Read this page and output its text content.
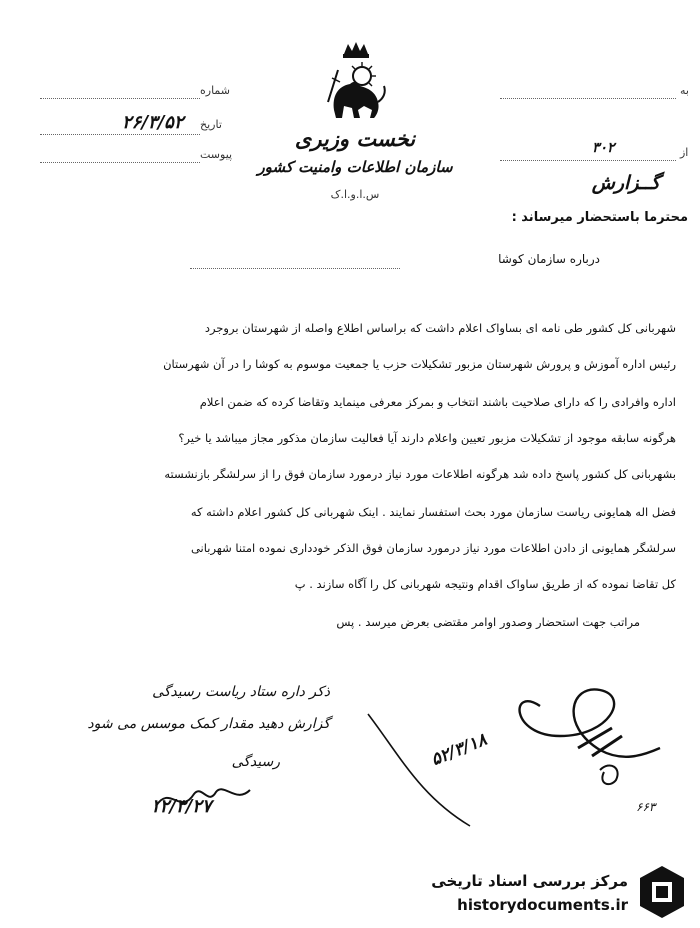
شماره
تاریخ
۲۶/۳/۵۲
پیوست
به
از
۳۰۲
نخست وزیری
سازمان اطلاعات وامنیت کشور
س.ا.و.ا.ک
گــزارش
محترما باستحضار میرساند :
درباره سازمان کوشا
شهربانی کل کشور طی نامه ای بساواک اعلام داشت که براساس اطلاع واصله از شهرستان بروجرد
رئیس اداره آموزش و پرورش شهرستان مزبور تشکیلات حزب یا جمعیت موسوم به کوشا را در آن شهرستان
اداره وافرادی را که دارای صلاحیت باشند انتخاب و بمرکز معرفی مینماید وتقاضا کرده که ضمن اعلام
هرگونه سابقه موجود از تشکیلات مزبور تعیین واعلام دارند آیا فعالیت سازمان مذکور مجاز میباشد یا خیر؟
بشهربانی کل کشور پاسخ داده شد هرگونه اطلاعات مورد نیاز درمورد سازمان فوق را از سرلشگر بازنشسته
فضل اله همایونی ریاست سازمان مورد بحث استفسار نمایند . اینک شهربانی کل کشور اعلام داشته که
سرلشگر همایونی از دادن اطلاعات مورد نیاز درمورد سازمان فوق الذکر خودداری نموده امتنا شهربانی
کل تقاضا نموده که از طریق ساواک اقدام ونتیجه شهربانی کل را آگاه سازند . پ
مراتب جهت استحضار وصدور اوامر مقتضی بعرض میرسد . پس
ذکر داره ستاد ریاست رسیدگی
گزارش دهید مقدار کمک موسس می شود
رسیدگی
۱۲/۳/۲۷
۵۲/۳/۱۸
۶۶۳
مرکز بررسی اسناد تاریخی
historydocuments.ir
